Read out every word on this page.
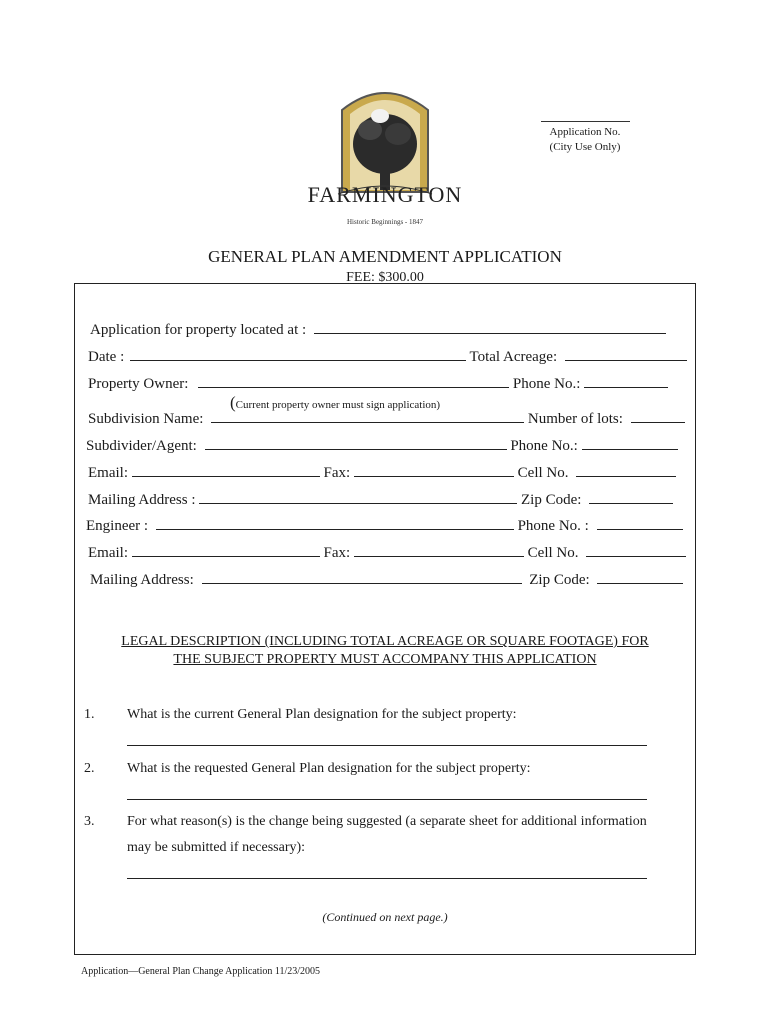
Application No.
(City Use Only)
FARMINGTON
Historic Beginnings - 1847
GENERAL PLAN AMENDMENT APPLICATION
FEE: $300.00
Application for property located at :
Date :	Total Acreage:
Property Owner:	Phone No.:
(Current property owner must sign application)
Subdivision Name:	Number of lots:
Subdivider/Agent:	Phone No.:
Email:	Fax:	Cell No.
Mailing Address :	Zip Code:
Engineer :	Phone No. :
Email:	Fax:	Cell No.
Mailing Address:	Zip Code:
LEGAL DESCRIPTION (INCLUDING TOTAL ACREAGE OR SQUARE FOOTAGE) FOR
THE SUBJECT PROPERTY MUST ACCOMPANY THIS APPLICATION
1. What is the current General Plan designation for the subject property:
2. What is the requested General Plan designation for the subject property:
3. For what reason(s) is the change being suggested (a separate sheet for additional information
may be submitted if necessary):
(Continued on next page.)
Application—General Plan Change Application 11/23/2005
